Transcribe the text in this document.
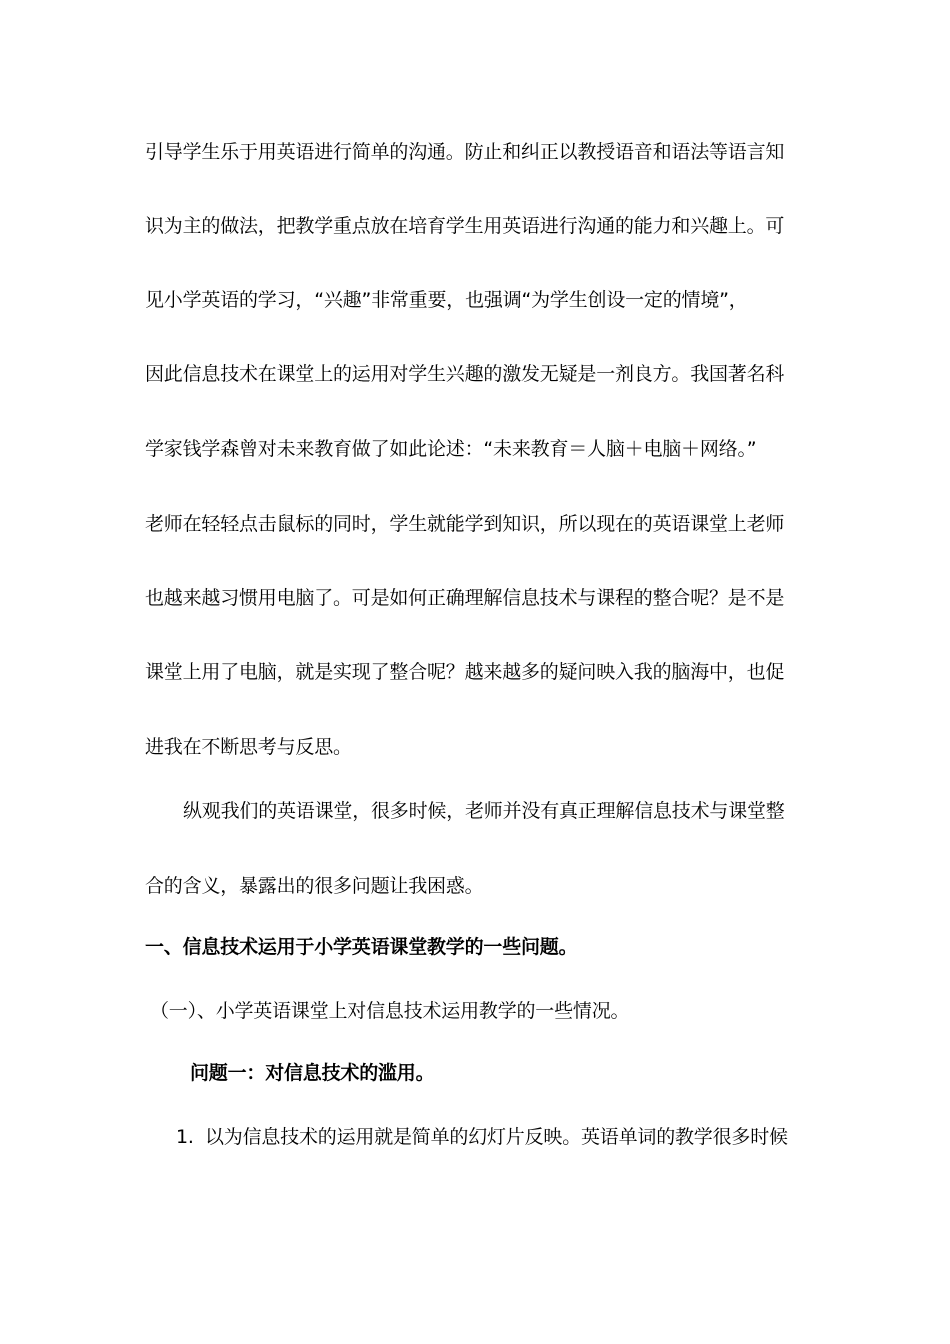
引导学生乐于用英语进行简单的沟通。防止和纠正以教授语音和语法等语言知
识为主的做法，把教学重点放在培育学生用英语进行沟通的能力和兴趣上。可
见小学英语的学习，“兴趣”非常重要，也强调“为学生创设一定的情境”，
因此信息技术在课堂上的运用对学生兴趣的激发无疑是一剂良方。我国著名科
学家钱学森曾对未来教育做了如此论述：“未来教育＝人脑＋电脑＋网络。”
老师在轻轻点击鼠标的同时，学生就能学到知识，所以现在的英语课堂上老师
也越来越习惯用电脑了。可是如何正确理解信息技术与课程的整合呢？是不是
课堂上用了电脑，就是实现了整合呢？越来越多的疑问映入我的脑海中，也促
进我在不断思考与反思。
纵观我们的英语课堂，很多时候，老师并没有真正理解信息技术与课堂整
合的含义，暴露出的很多问题让我困惑。
一、信息技术运用于小学英语课堂教学的一些问题。
（一）、小学英语课堂上对信息技术运用教学的一些情况。
问题一：对信息技术的滥用。
1. 以为信息技术的运用就是简单的幻灯片反映。英语单词的教学很多时候
